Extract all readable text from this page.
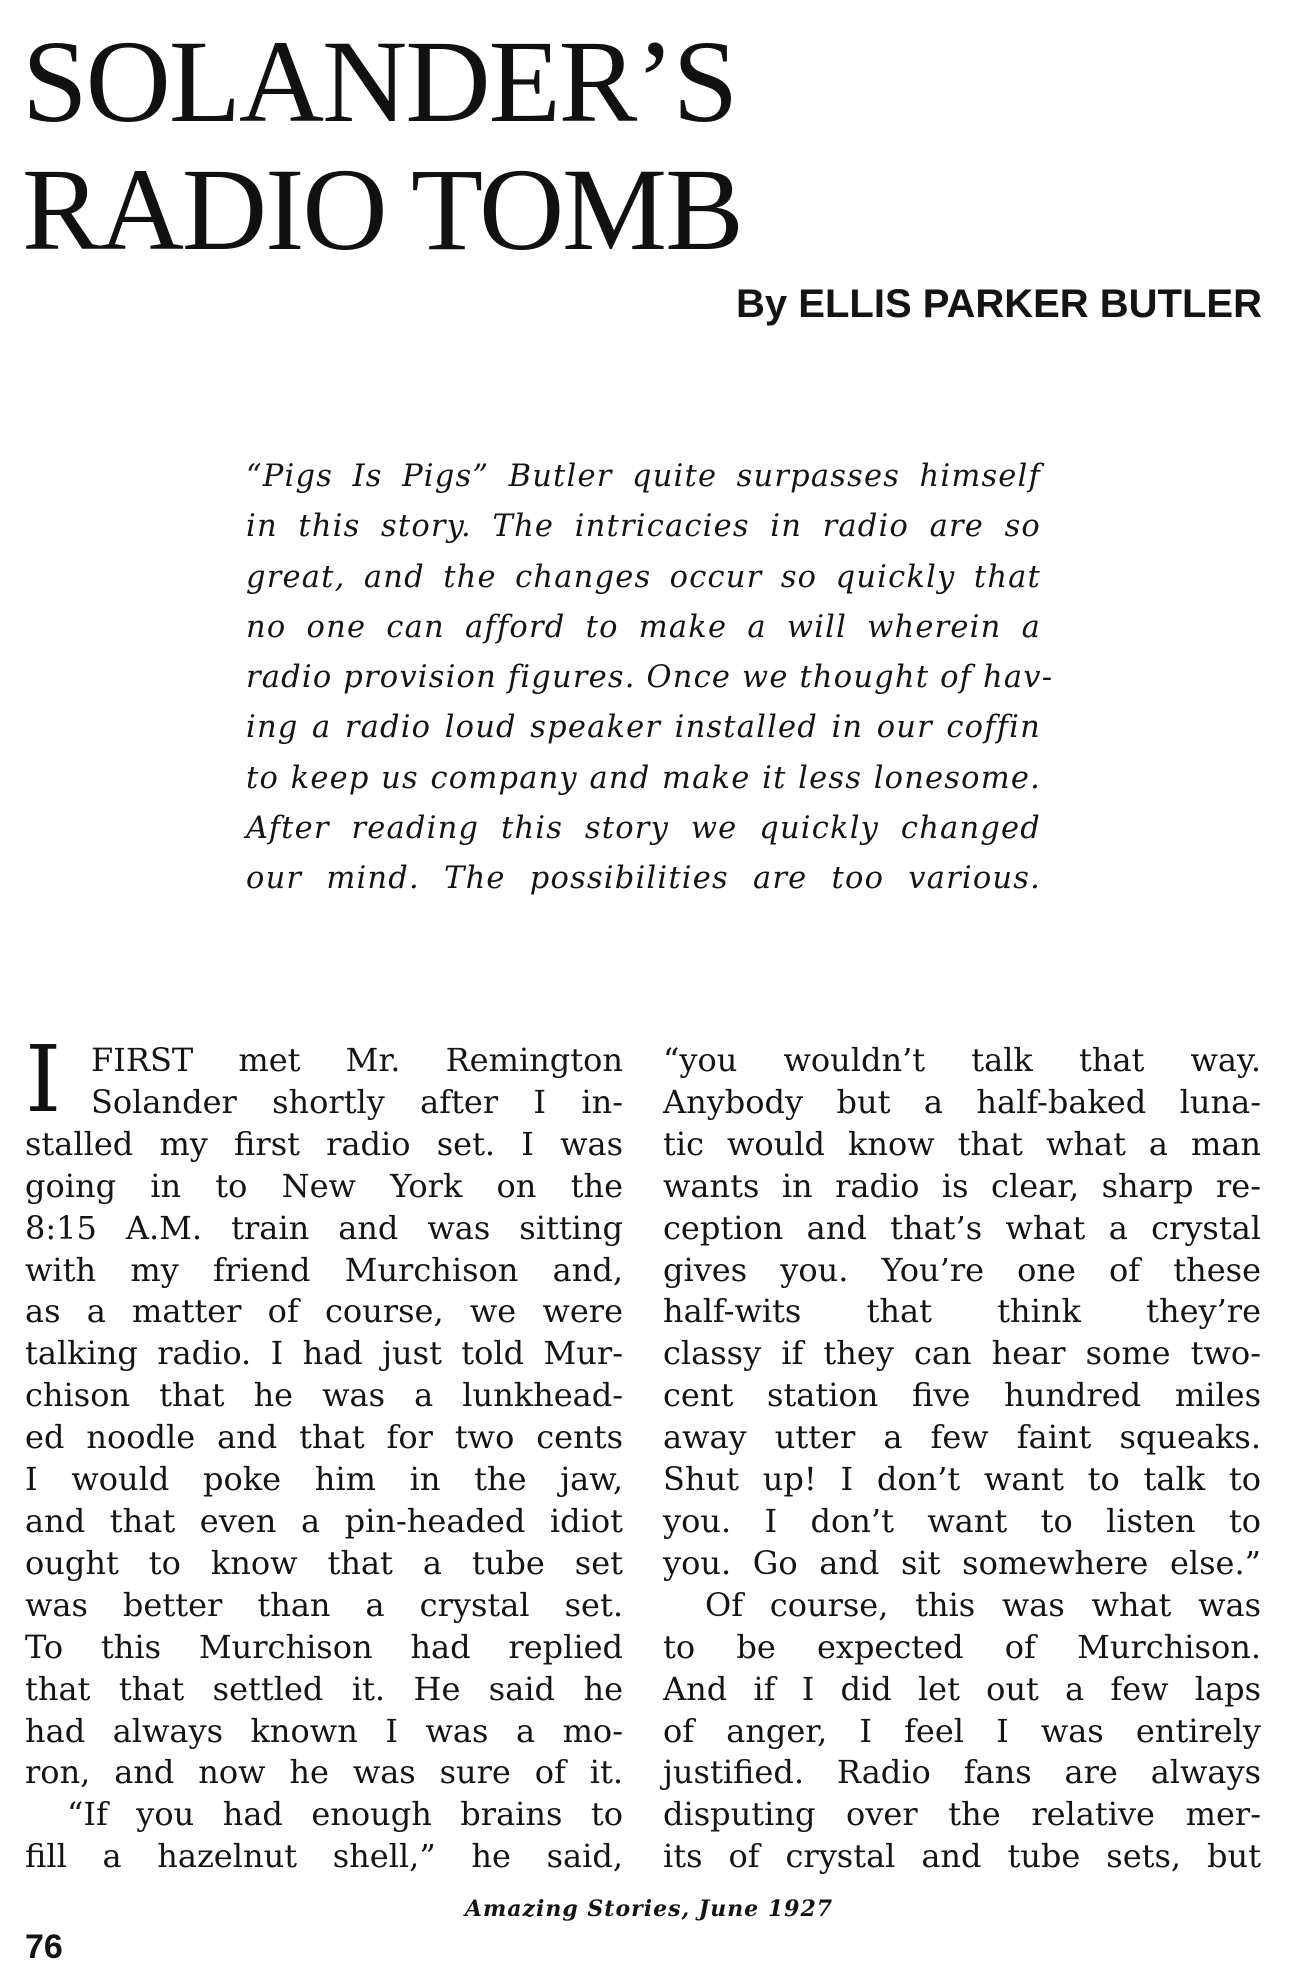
SOLANDER’S
RADIO TOMB
By ELLIS PARKER BUTLER
“Pigs Is Pigs” Butler quite surpasses himself
in this story. The intricacies in radio are so
great, and the changes occur so quickly that
no one can afford to make a will wherein a
radio provision figures. Once we thought of hav-
ing a radio loud speaker installed in our coffin
to keep us company and make it less lonesome.
After reading this story we quickly changed
our mind. The possibilities are too various.
I FIRST met Mr. Remington
Solander shortly after I in-
stalled my first radio set. I was
going in to New York on the
8:15 A.M. train and was sitting
with my friend Murchison and,
as a matter of course, we were
talking radio. I had just told Mur-
chison that he was a lunkhead-
ed noodle and that for two cents
I would poke him in the jaw,
and that even a pin-headed idiot
ought to know that a tube set
was better than a crystal set.
To this Murchison had replied
that that settled it. He said he
had always known I was a mo-
ron, and now he was sure of it.
“If you had enough brains to
fill a hazelnut shell,” he said,
“you wouldn’t talk that way.
Anybody but a half-baked luna-
tic would know that what a man
wants in radio is clear, sharp re-
ception and that’s what a crystal
gives you. You’re one of these
half-wits that think they’re
classy if they can hear some two-
cent station five hundred miles
away utter a few faint squeaks.
Shut up! I don’t want to talk to
you. I don’t want to listen to
you. Go and sit somewhere else.”
Of course, this was what was
to be expected of Murchison.
And if I did let out a few laps
of anger, I feel I was entirely
justified. Radio fans are always
disputing over the relative mer-
its of crystal and tube sets, but
Amazing Stories, June 1927
76
